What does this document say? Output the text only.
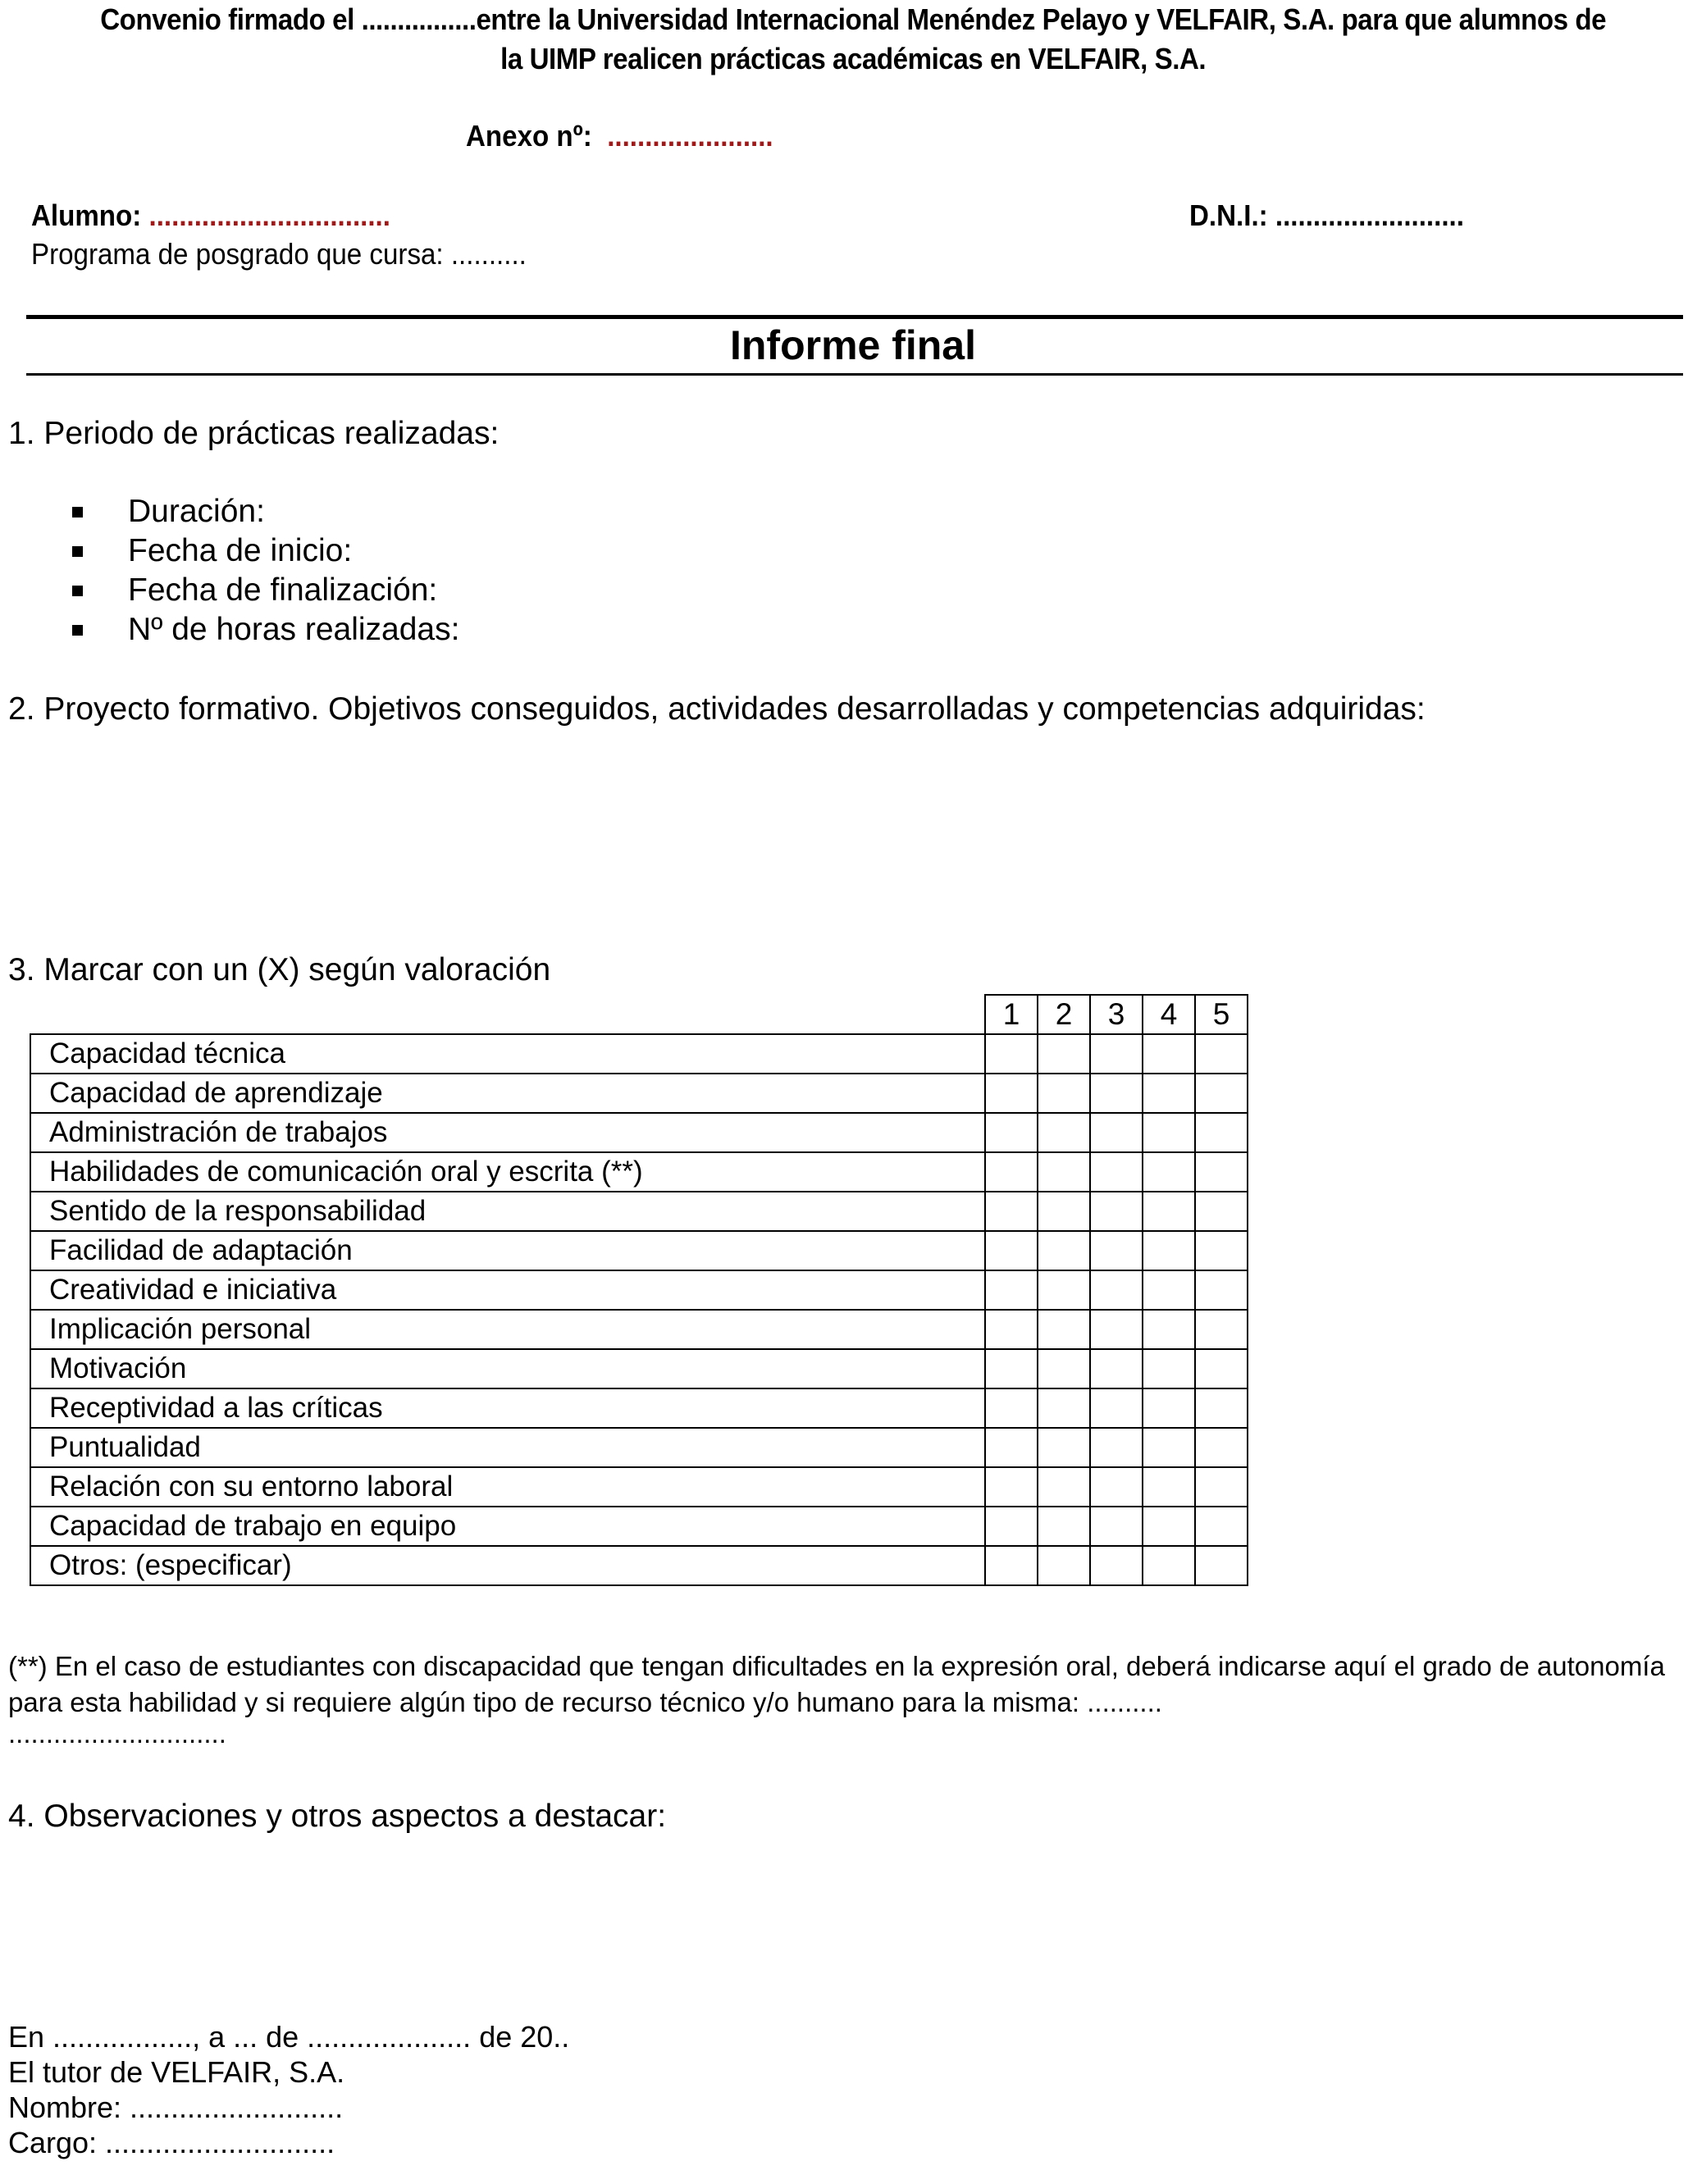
Convenio firmado el ................entre la Universidad Internacional Menéndez Pelayo y VELFAIR, S.A. para que alumnos de
la UIMP realicen prácticas académicas en VELFAIR, S.A.
Anexo nº: ......................
Alumno: ................................	D.N.I.: .........................
Programa de posgrado que cursa: ..........
Informe final
1. Periodo de prácticas realizadas:
Duración:
Fecha de inicio:
Fecha de finalización:
Nº de horas realizadas:
2. Proyecto formativo. Objetivos conseguidos, actividades desarrolladas y competencias adquiridas:
3. Marcar con un (X) según valoración
	1	2	3	4	5
Capacidad técnica					
Capacidad de aprendizaje					
Administración de trabajos					
Habilidades de comunicación oral y escrita (**)					
Sentido de la responsabilidad					
Facilidad de adaptación					
Creatividad e iniciativa					
Implicación personal					
Motivación					
Receptividad a las críticas					
Puntualidad					
Relación con su entorno laboral					
Capacidad de trabajo en equipo					
Otros: (especificar)					
(**) En el caso de estudiantes con discapacidad que tengan dificultades en la expresión oral, deberá indicarse aquí el grado de autonomía para esta habilidad y si requiere algún tipo de recurso técnico y/o humano para la misma: ..........
.............................
4. Observaciones y otros aspectos a destacar:
En ................., a ... de .................... de 20..
El tutor de VELFAIR, S.A.
Nombre: ..........................
Cargo: ............................
